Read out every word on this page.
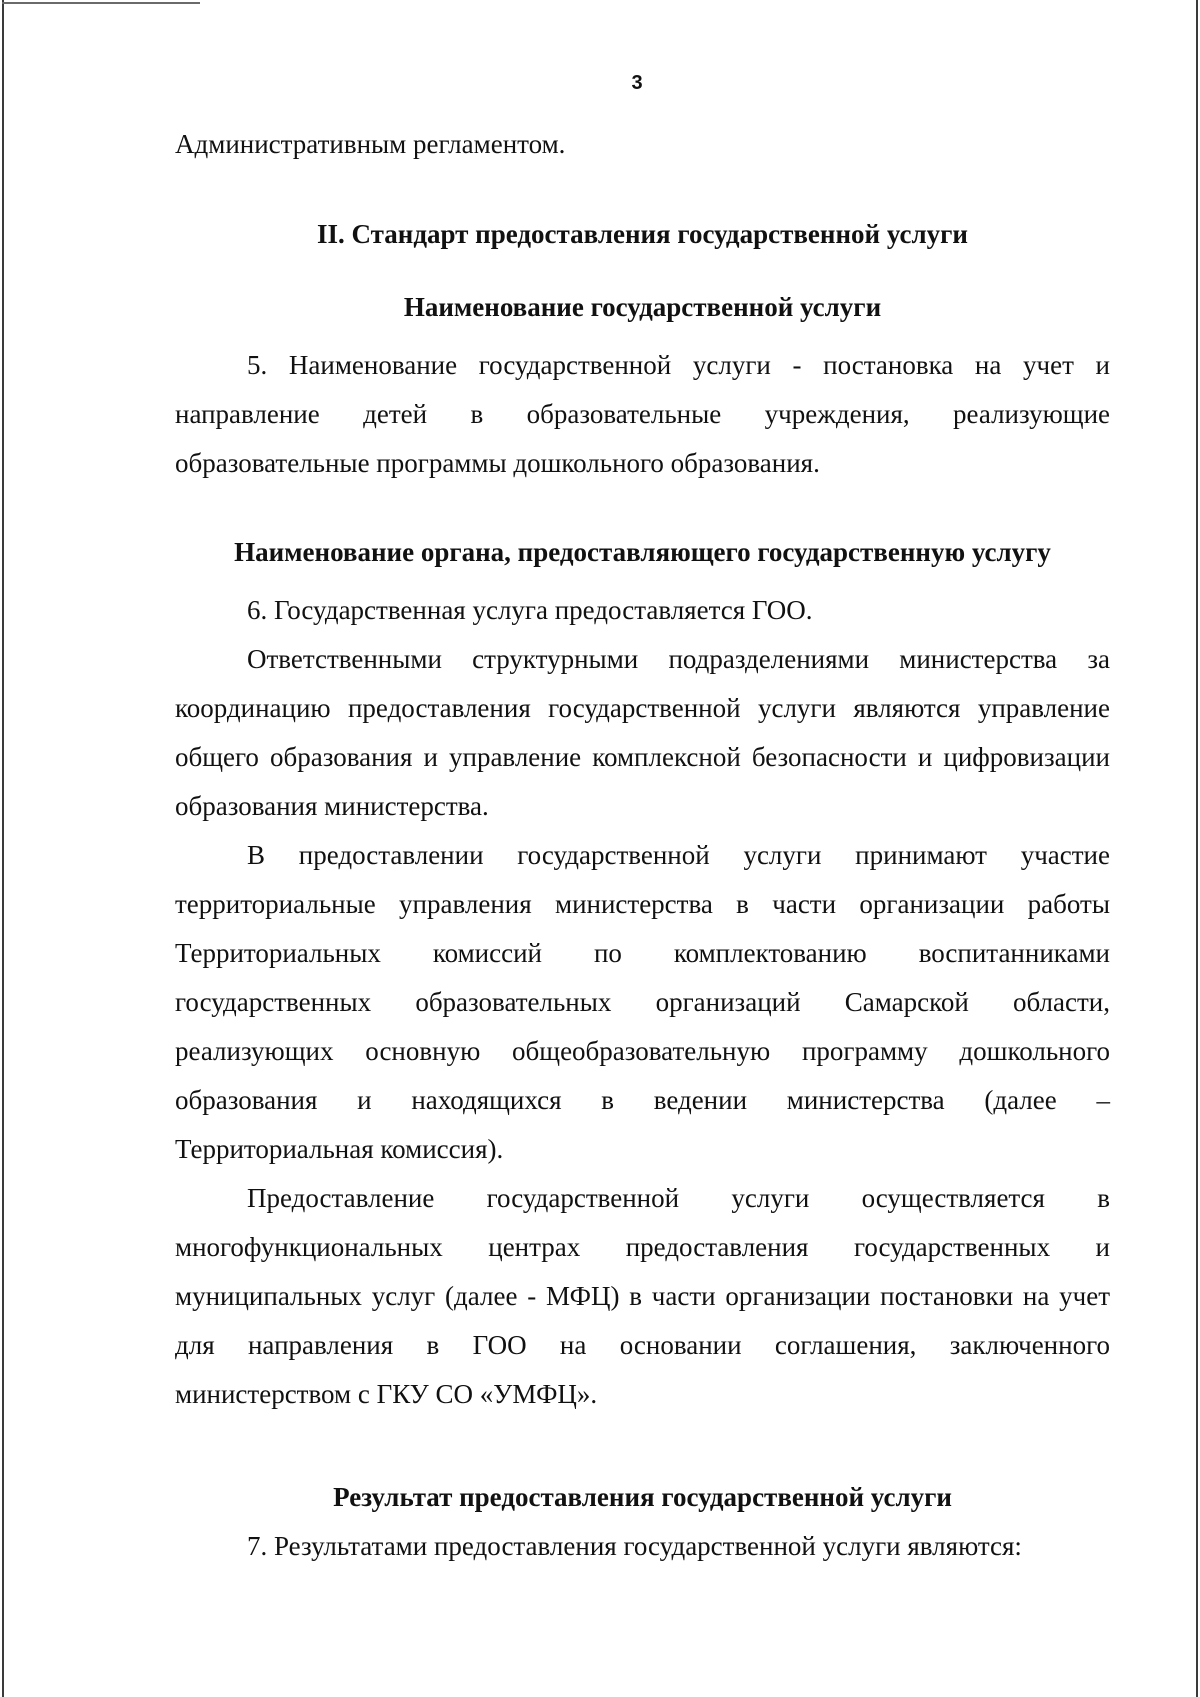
3

Административным регламентом.

II. Стандарт предоставления государственной услуги

Наименование государственной услуги

5. Наименование государственной услуги - постановка на учет и

направление детей в образовательные учреждения, реализующие

образовательные программы дошкольного образования.

Наименование органа, предоставляющего государственную услугу

6. Государственная услуга предоставляется ГОО.

Ответственными структурными подразделениями министерства за

координацию предоставления государственной услуги являются управление

общего образования и управление комплексной безопасности и цифровизации

образования министерства.

В предоставлении государственной услуги принимают участие

территориальные управления министерства в части организации работы

Территориальных комиссий по комплектованию воспитанниками

государственных образовательных организаций Самарской области,

реализующих основную общеобразовательную программу дошкольного

образования и находящихся в ведении министерства (далее –

Территориальная комиссия).

Предоставление государственной услуги осуществляется в

многофункциональных центрах предоставления государственных и

муниципальных услуг (далее - МФЦ) в части организации постановки на учет

для направления в ГОО на основании соглашения, заключенного

министерством с ГКУ СО «УМФЦ».

Результат предоставления государственной услуги

7. Результатами предоставления государственной услуги являются:
